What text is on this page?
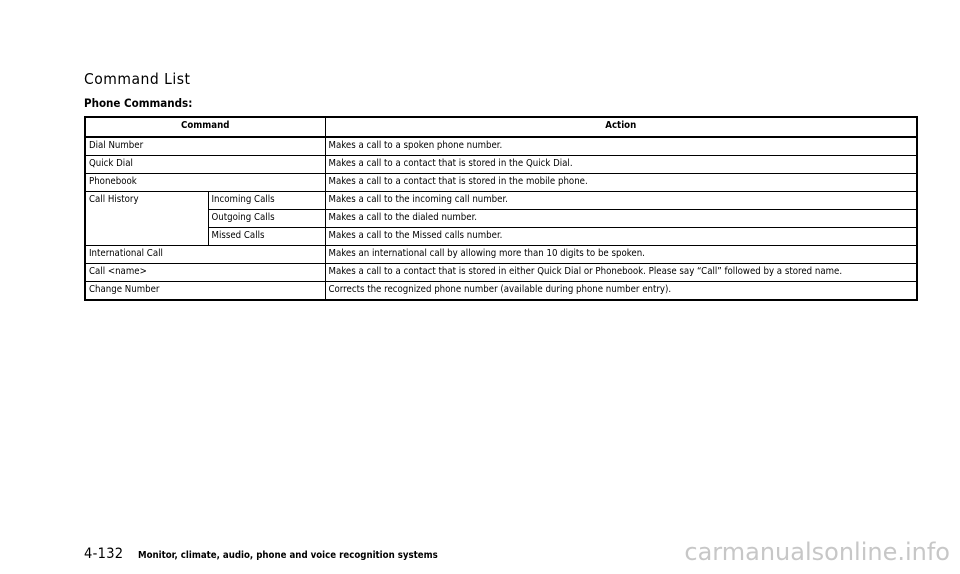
Command List
Phone Commands:
Command		Action
Dial Number		Makes a call to a spoken phone number.
Quick Dial		Makes a call to a contact that is stored in the Quick Dial.
Phonebook		Makes a call to a contact that is stored in the mobile phone.
Call History	Incoming Calls	Makes a call to the incoming call number.
	Outgoing Calls	Makes a call to the dialed number.
	Missed Calls	Makes a call to the Missed calls number.
International Call		Makes an international call by allowing more than 10 digits to be spoken.
Call <name>		Makes a call to a contact that is stored in either Quick Dial or Phonebook. Please say “Call” followed by a stored name.
Change Number		Corrects the recognized phone number (available during phone number entry).
4-132 Monitor, climate, audio, phone and voice recognition systems	carmanualsonline.info
